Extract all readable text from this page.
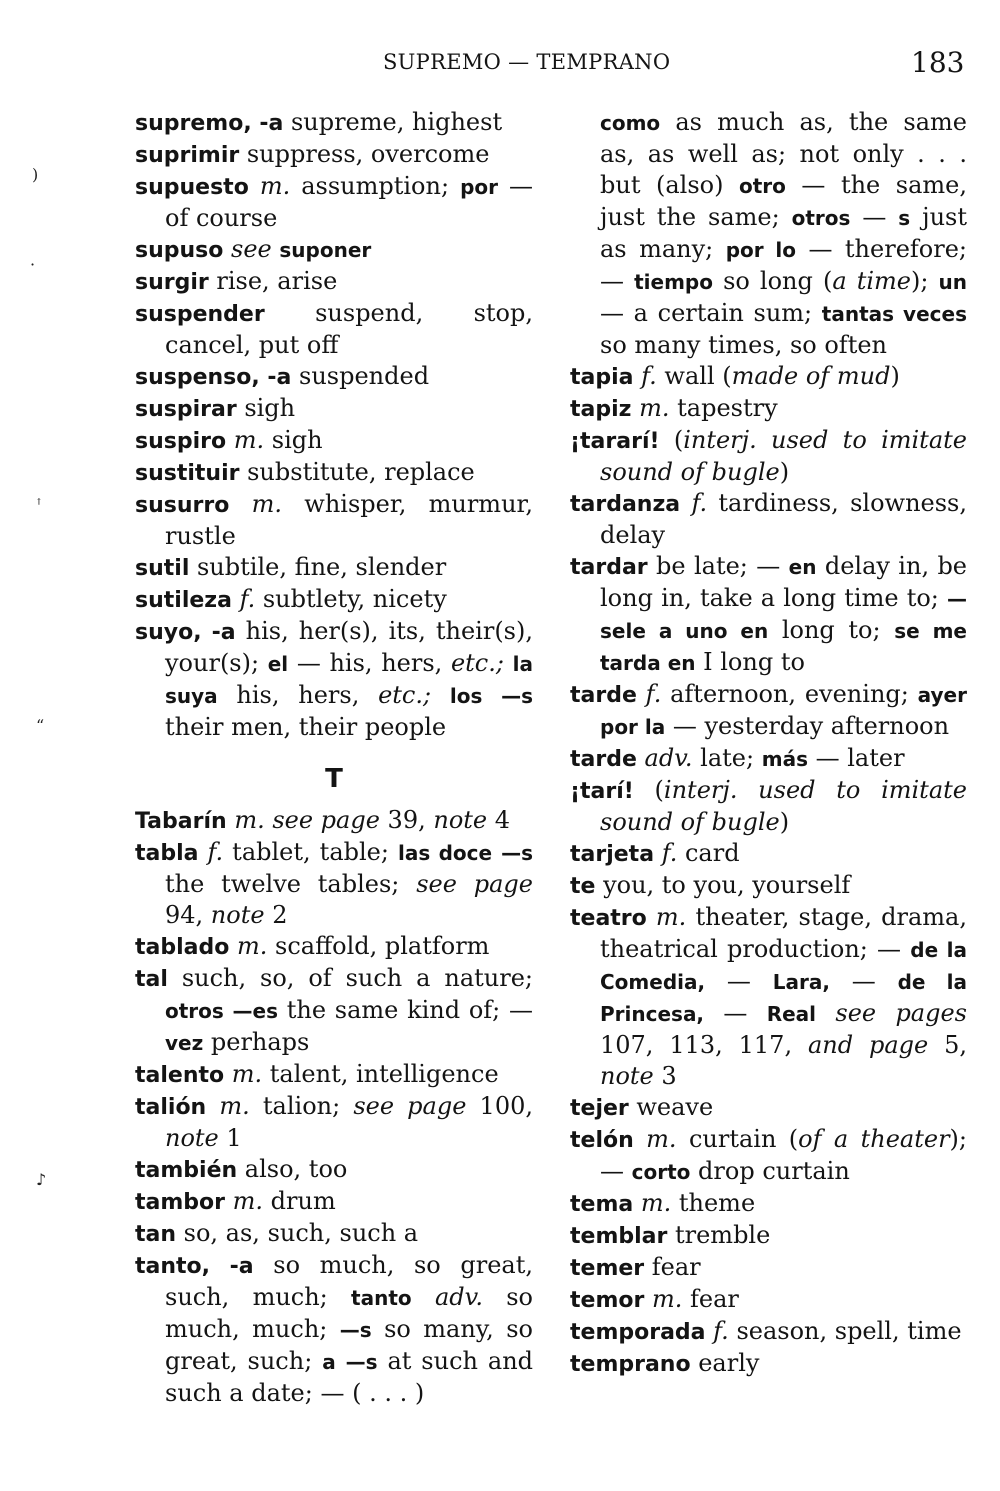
SUPREMO — TEMPRANO	183
supremo, -a supreme, highest
suprimir suppress, overcome
supuesto m. assumption; por — of course
supuso see suponer
surgir rise, arise
suspender suspend, stop, cancel, put off
suspenso, -a suspended
suspirar sigh
suspiro m. sigh
sustituir substitute, replace
susurro m. whisper, murmur, rustle
sutil subtile, fine, slender
sutileza f. subtlety, nicety
suyo, -a his, her(s), its, their(s), your(s); el — his, hers, etc.; la suya his, hers, etc.; los —s their men, their people
T
Tabarín m. see page 39, note 4
tabla f. tablet, table; las doce —s the twelve tables; see page 94, note 2
tablado m. scaffold, platform
tal such, so, of such a nature; otros —es the same kind of; — vez perhaps
talento m. talent, intelligence
talión m. talion; see page 100, note 1
también also, too
tambor m. drum
tan so, as, such, such a
tanto, -a so much, so great, such, much; tanto adv. so much, much; —s so many, so great, such; a —s at such and such a date; — ( . . . )
como as much as, the same as, as well as; not only . . . but (also) otro — the same, just the same; otros — s just as many; por lo — therefore; — tiempo so long (a time); un — a certain sum; tantas veces so many times, so often
tapia f. wall (made of mud)
tapiz m. tapestry
¡tararí! (interj. used to imitate sound of bugle)
tardanza f. tardiness, slowness, delay
tardar be late; — en delay in, be long in, take a long time to; —sele a uno en long to; se me tarda en I long to
tarde f. afternoon, evening; ayer por la — yesterday afternoon
tarde adv. late; más — later
¡tarí! (interj. used to imitate sound of bugle)
tarjeta f. card
te you, to you, yourself
teatro m. theater, stage, drama, theatrical production; — de la Comedia, — Lara, — de la Princesa, — Real see pages 107, 113, 117, and page 5, note 3
tejer weave
telón m. curtain (of a theater); — corto drop curtain
tema m. theme
temblar tremble
temer fear
temor m. fear
temporada f. season, spell, time
temprano early
)
·
ꜛ
“
♪
